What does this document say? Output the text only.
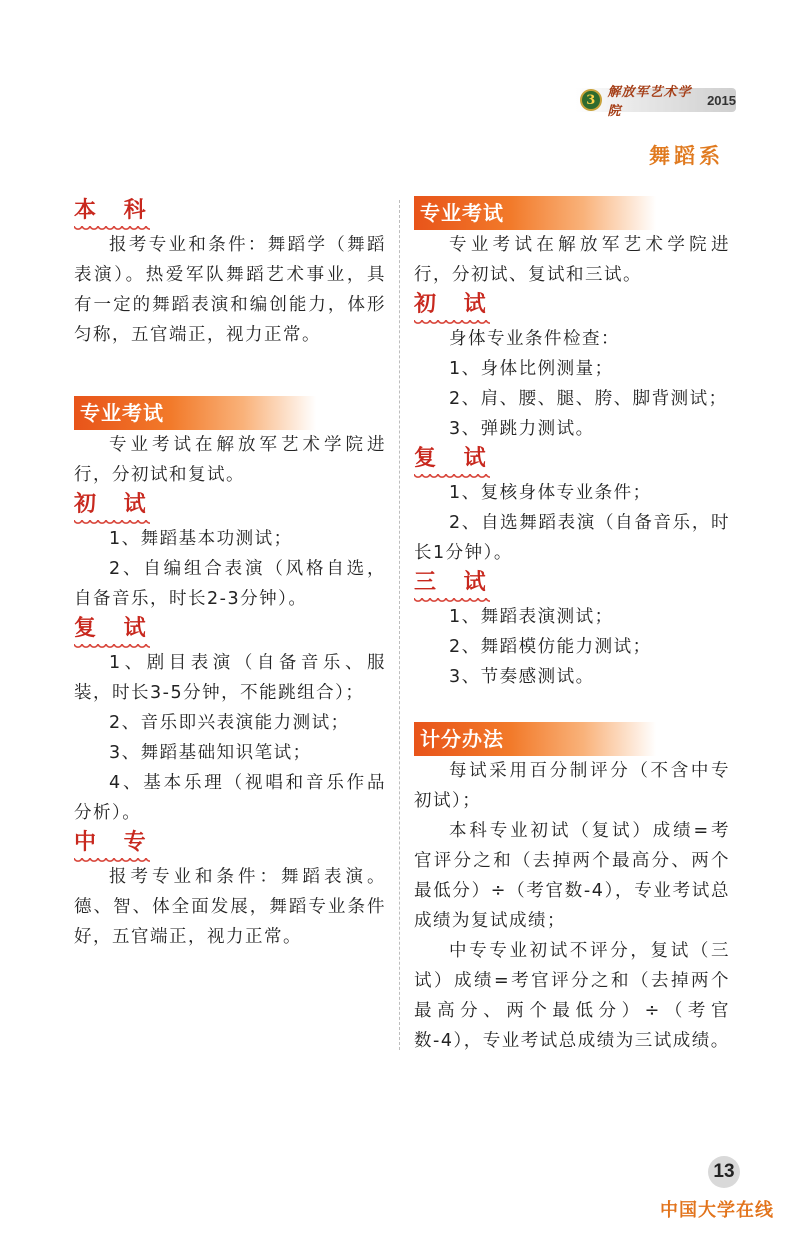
3 解放军艺术学院
2015
舞蹈系
本 科

报考专业和条件：舞蹈学（舞蹈表演）。热爱军队舞蹈艺术事业，具有一定的舞蹈表演和编创能力，体形匀称，五官端正，视力正常。

专业考试

专业考试在解放军艺术学院进行，分初试和复试。

初 试

1、舞蹈基本功测试；

2、自编组合表演（风格自选，自备音乐，时长2-3分钟）。

复 试

1、剧目表演（自备音乐、服装，时长3-5分钟，不能跳组合）；

2、音乐即兴表演能力测试；

3、舞蹈基础知识笔试；

4、基本乐理（视唱和音乐作品分析）。

中 专

报考专业和条件：舞蹈表演。德、智、体全面发展，舞蹈专业条件好，五官端正，视力正常。

专业考试

专业考试在解放军艺术学院进行，分初试、复试和三试。

初 试

身体专业条件检查：

1、身体比例测量；

2、肩、腰、腿、胯、脚背测试；

3、弹跳力测试。

复 试

1、复核身体专业条件；

2、自选舞蹈表演（自备音乐，时长1分钟）。

三 试

1、舞蹈表演测试；

2、舞蹈模仿能力测试；

3、节奏感测试。

计分办法

每试采用百分制评分（不含中专初试）；

本科专业初试（复试）成绩=考官评分之和（去掉两个最高分、两个最低分）÷（考官数-4），专业考试总成绩为复试成绩；

中专专业初试不评分，复试（三试）成绩=考官评分之和（去掉两个最高分、两个最低分）÷（考官数-4），专业考试总成绩为三试成绩。

13
中国大学在线
